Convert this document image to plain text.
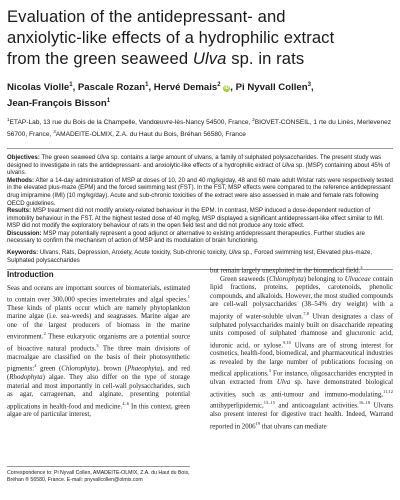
Evaluation of the antidepressant- and
anxiolytic-like effects of a hydrophilic extract
from the green seaweed Ulva sp. in rats
Nicolas Violle$^1$, Pascale Rozan$^1$, Hervé Demais$^2$ iD, Pi Nyvall Collen$^3$,
Jean-François Bisson$^1$
$^1$ETAP-Lab, 13 rue du Bois de la Champelle, Vandœuvre-lès-Nancy 54500, France, $^2$BIOVET-CONSEIL, 1 rte du Linès, Merlevenez 56700, France, $^3$AMADEITE-OLMIX, Z.A. du Haut du Bois, Bréhan 56580, France

Objectives: The green seaweed Ulva sp. contains a large amount of ulvans, a family of sulphated polysaccharides. The present study was designed to investigate in rats the antidepressant- and anxiolytic-like effects of a hydrophilic extract of Ulva sp. (MSP) containing about 45% of ulvans.

Methods: After a 14-day administration of MSP at doses of 10, 20 and 40 mg/kg/day, 48 and 60 male adult Wistar rats were respectively tested in the elevated plus-maze (EPM) and the forced swimming test (FST). In the FST, MSP effects were compared to the reference antidepressant drug imipramine (IMI) (10 mg/kg/day). Acute and sub-chronic toxicities of the extract were also assessed in male and female rats following OECD guidelines.

Results: MSP treatment did not modify anxiety-related behaviour in the EPM. In contrast, MSP induced a dose-dependent reduction of immobility behaviour in the FST. At the highest tested dose of 40 mg/kg, MSP displayed a significant antidepressant-like effect similar to IMI. MSP did not modify the exploratory behaviour of rats in the open field test and did not produce any toxic effect.

Discussion: MSP may potentially represent a good adjunct or alternative to existing antidepressant therapeutics. Further studies are necessary to confirm the mechanism of action of MSP and its modulation of brain functioning.

Keywords: Ulvans, Rats, Depression, Anxiety, Acute toxicity, Sub-chronic toxicity, Ulva sp., Forced swimming test, Elevated plus-maze, Sulphated polysaccharides

Introduction

Seas and oceans are important sources of biomaterials, estimated to contain over 300,000 species invertebrates and algal species.$^1$ These kinds of plants occur which are namely phytoplankton marine algae (i.e. sea-weeds) and seagrasses. Marine algae are one of the largest producers of biomass in the marine environment.$^2$ These eukaryotic organisms are a potential source of bioactive natural products.$^3$ The three main divisions of macroalgae are classified on the basis of their photosynthetic pigments:$^4$ green (Chlorophyta), brown (Phaeophyta), and red (Rhodophyta) algae. They also differ on the type of storage material and most importantly in cell-wall polysaccharides, such as agar, carrageenan, and alginate, presenting potential applications in health-food and medicine.$^{4-6}$ In this context, green algae are of particular interest,

but remain largely unexploited in the biomedical field.$^3$

Green seaweeds (Chlorophyta) belonging to Ulvaceae contain lipid fractions, proteins, peptides, carotenoids, phenolic compounds, and alkaloids. However, the most studied compounds are cell-wall polysaccharides (38–54% dry weight) with a majority of water-soluble ulvan.$^{7,8}$ Ulvan designates a class of sulphated polysaccharides mainly built on disaccharide repeating units composed of sulphated rhamnose and glucuronic acid, iduronic acid, or xylose.$^{9,10}$ Ulvans are of strong interest for cosmetics, health-food, biomedical, and pharmaceutical industries as revealed by the large number of publications focusing on medical applications.$^3$ For instance, oligosaccharides encrypted in ulvan extracted from Ulva sp. have demonstrated biological activities, such as anti-tumour and immuno-modulating,$^{11,12}$ antihyperlipidemic,$^{13-15}$ and anticoagulant activities.$^{16-18}$ Ulvans also present interest for digestive tract health. Indeed, Warrand reported in 2006$^{19}$ that ulvans can mediate

Correspondence to: Pi Nyvall Collen, AMADEITE-OLMIX, Z.A. du Haut du Bois, Bréhan ® 56580, France. E-mail: pnyvallcollen@olmix.com
